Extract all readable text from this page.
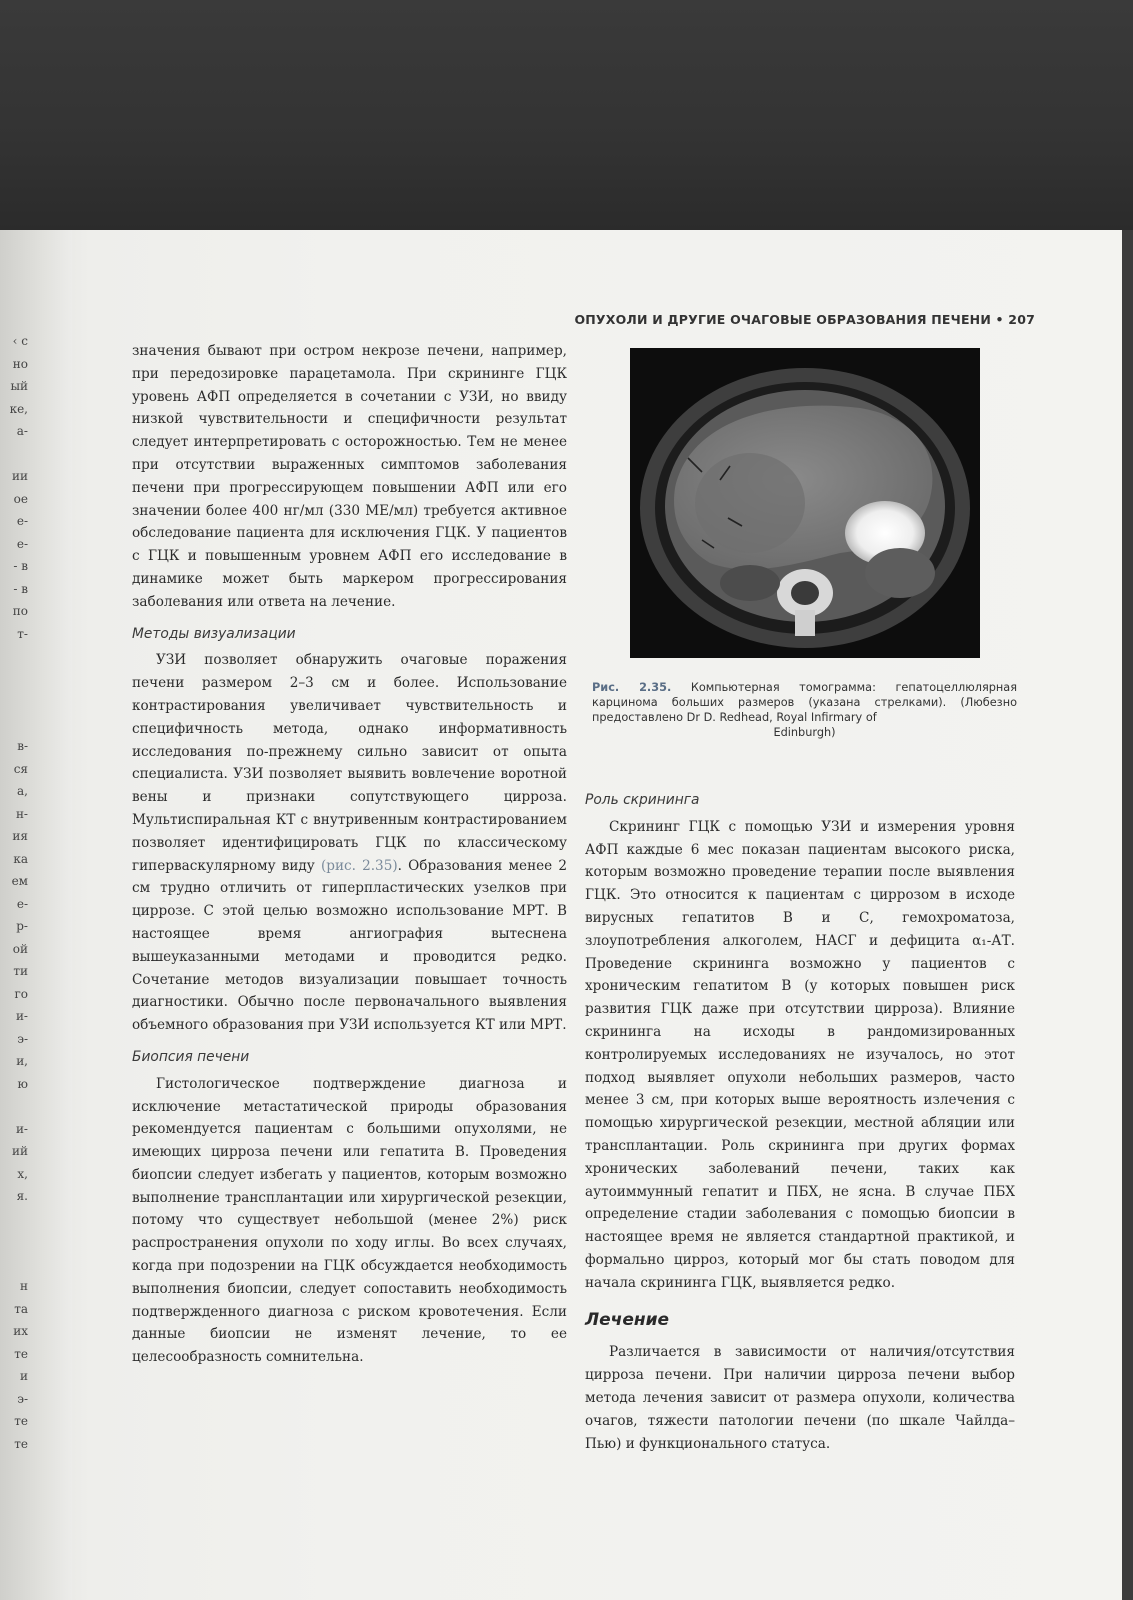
‹ с
но
ый
ке,
а-
ии
ое
е-
е-
- в
- в
по
т-
в-
ся
а,
н-
ия
ка
ем
е-
р-
ой
ти
го
и-
э-
и,
ю
и-
ий
х,
я.
н
та
их
те
и
э-
те
те
ОПУХОЛИ И ДРУГИЕ ОЧАГОВЫЕ ОБРАЗОВАНИЯ ПЕЧЕНИ • 207

значения бывают при остром некрозе печени, например, при передозировке парацетамола. При скрининге ГЦК уровень АФП определяется в сочетании с УЗИ, но ввиду низкой чувствительности и специфичности результат следует интерпретировать с осторожностью. Тем не менее при отсутствии выраженных симптомов заболевания печени при прогрессирующем повышении АФП или его значении более 400 нг/мл (330 МЕ/мл) требуется активное обследование пациента для исключения ГЦК. У пациентов с ГЦК и повышенным уровнем АФП его исследование в динамике может быть маркером прогрессирования заболевания или ответа на лечение.

Методы визуализации

УЗИ позволяет обнаружить очаговые поражения печени размером 2–3 см и более. Использование контрастирования увеличивает чувствительность и специфичность метода, однако информативность исследования по-прежнему сильно зависит от опыта специалиста. УЗИ позволяет выявить вовлечение воротной вены и признаки сопутствующего цирроза. Мультиспиральная КТ с внутривенным контрастированием позволяет идентифицировать ГЦК по классическому гиперваскулярному виду (рис. 2.35). Образования менее 2 см трудно отличить от гиперпластических узелков при циррозе. С этой целью возможно использование МРТ. В настоящее время ангиография вытеснена вышеуказанными методами и проводится редко. Сочетание методов визуализации повышает точность диагностики. Обычно после первоначального выявления объемного образования при УЗИ используется КТ или МРТ.

Биопсия печени

Гистологическое подтверждение диагноза и исключение метастатической природы образования рекомендуется пациентам с большими опухолями, не имеющих цирроза печени или гепатита В. Проведения биопсии следует избегать у пациентов, которым возможно выполнение трансплантации или хирургической резекции, потому что существует небольшой (менее 2%) риск распространения опухоли по ходу иглы. Во всех случаях, когда при подозрении на ГЦК обсуждается необходимость выполнения биопсии, следует сопоставить необходимость подтвержденного диагноза с риском кровотечения. Если данные биопсии не изменят лечение, то ее целесообразность сомнительна.

Рис. 2.35. Компьютерная томограмма: гепатоцеллюлярная карцинома больших размеров (указана стрелками). (Любезно предоставлено Dr D. Redhead, Royal Infirmary of
Edinburgh)
Роль скрининга

Скрининг ГЦК с помощью УЗИ и измерения уровня АФП каждые 6 мес показан пациентам высокого риска, которым возможно проведение терапии после выявления ГЦК. Это относится к пациентам с циррозом в исходе вирусных гепатитов В и С, гемохроматоза, злоупотребления алкоголем, НАСГ и дефицита α₁-АТ. Проведение скрининга возможно у пациентов с хроническим гепатитом В (у которых повышен риск развития ГЦК даже при отсутствии цирроза). Влияние скрининга на исходы в рандомизированных контролируемых исследованиях не изучалось, но этот подход выявляет опухоли небольших размеров, часто менее 3 см, при которых выше вероятность излечения с помощью хирургической резекции, местной абляции или трансплантации. Роль скрининга при других формах хронических заболеваний печени, таких как аутоиммунный гепатит и ПБХ, не ясна. В случае ПБХ определение стадии заболевания с помощью биопсии в настоящее время не является стандартной практикой, и формально цирроз, который мог бы стать поводом для начала скрининга ГЦК, выявляется редко.

Лечение

Различается в зависимости от наличия/отсутствия цирроза печени. При наличии цирроза печени выбор метода лечения зависит от размера опухоли, количества очагов, тяжести патологии печени (по шкале Чайлда–Пью) и функционального статуса.
